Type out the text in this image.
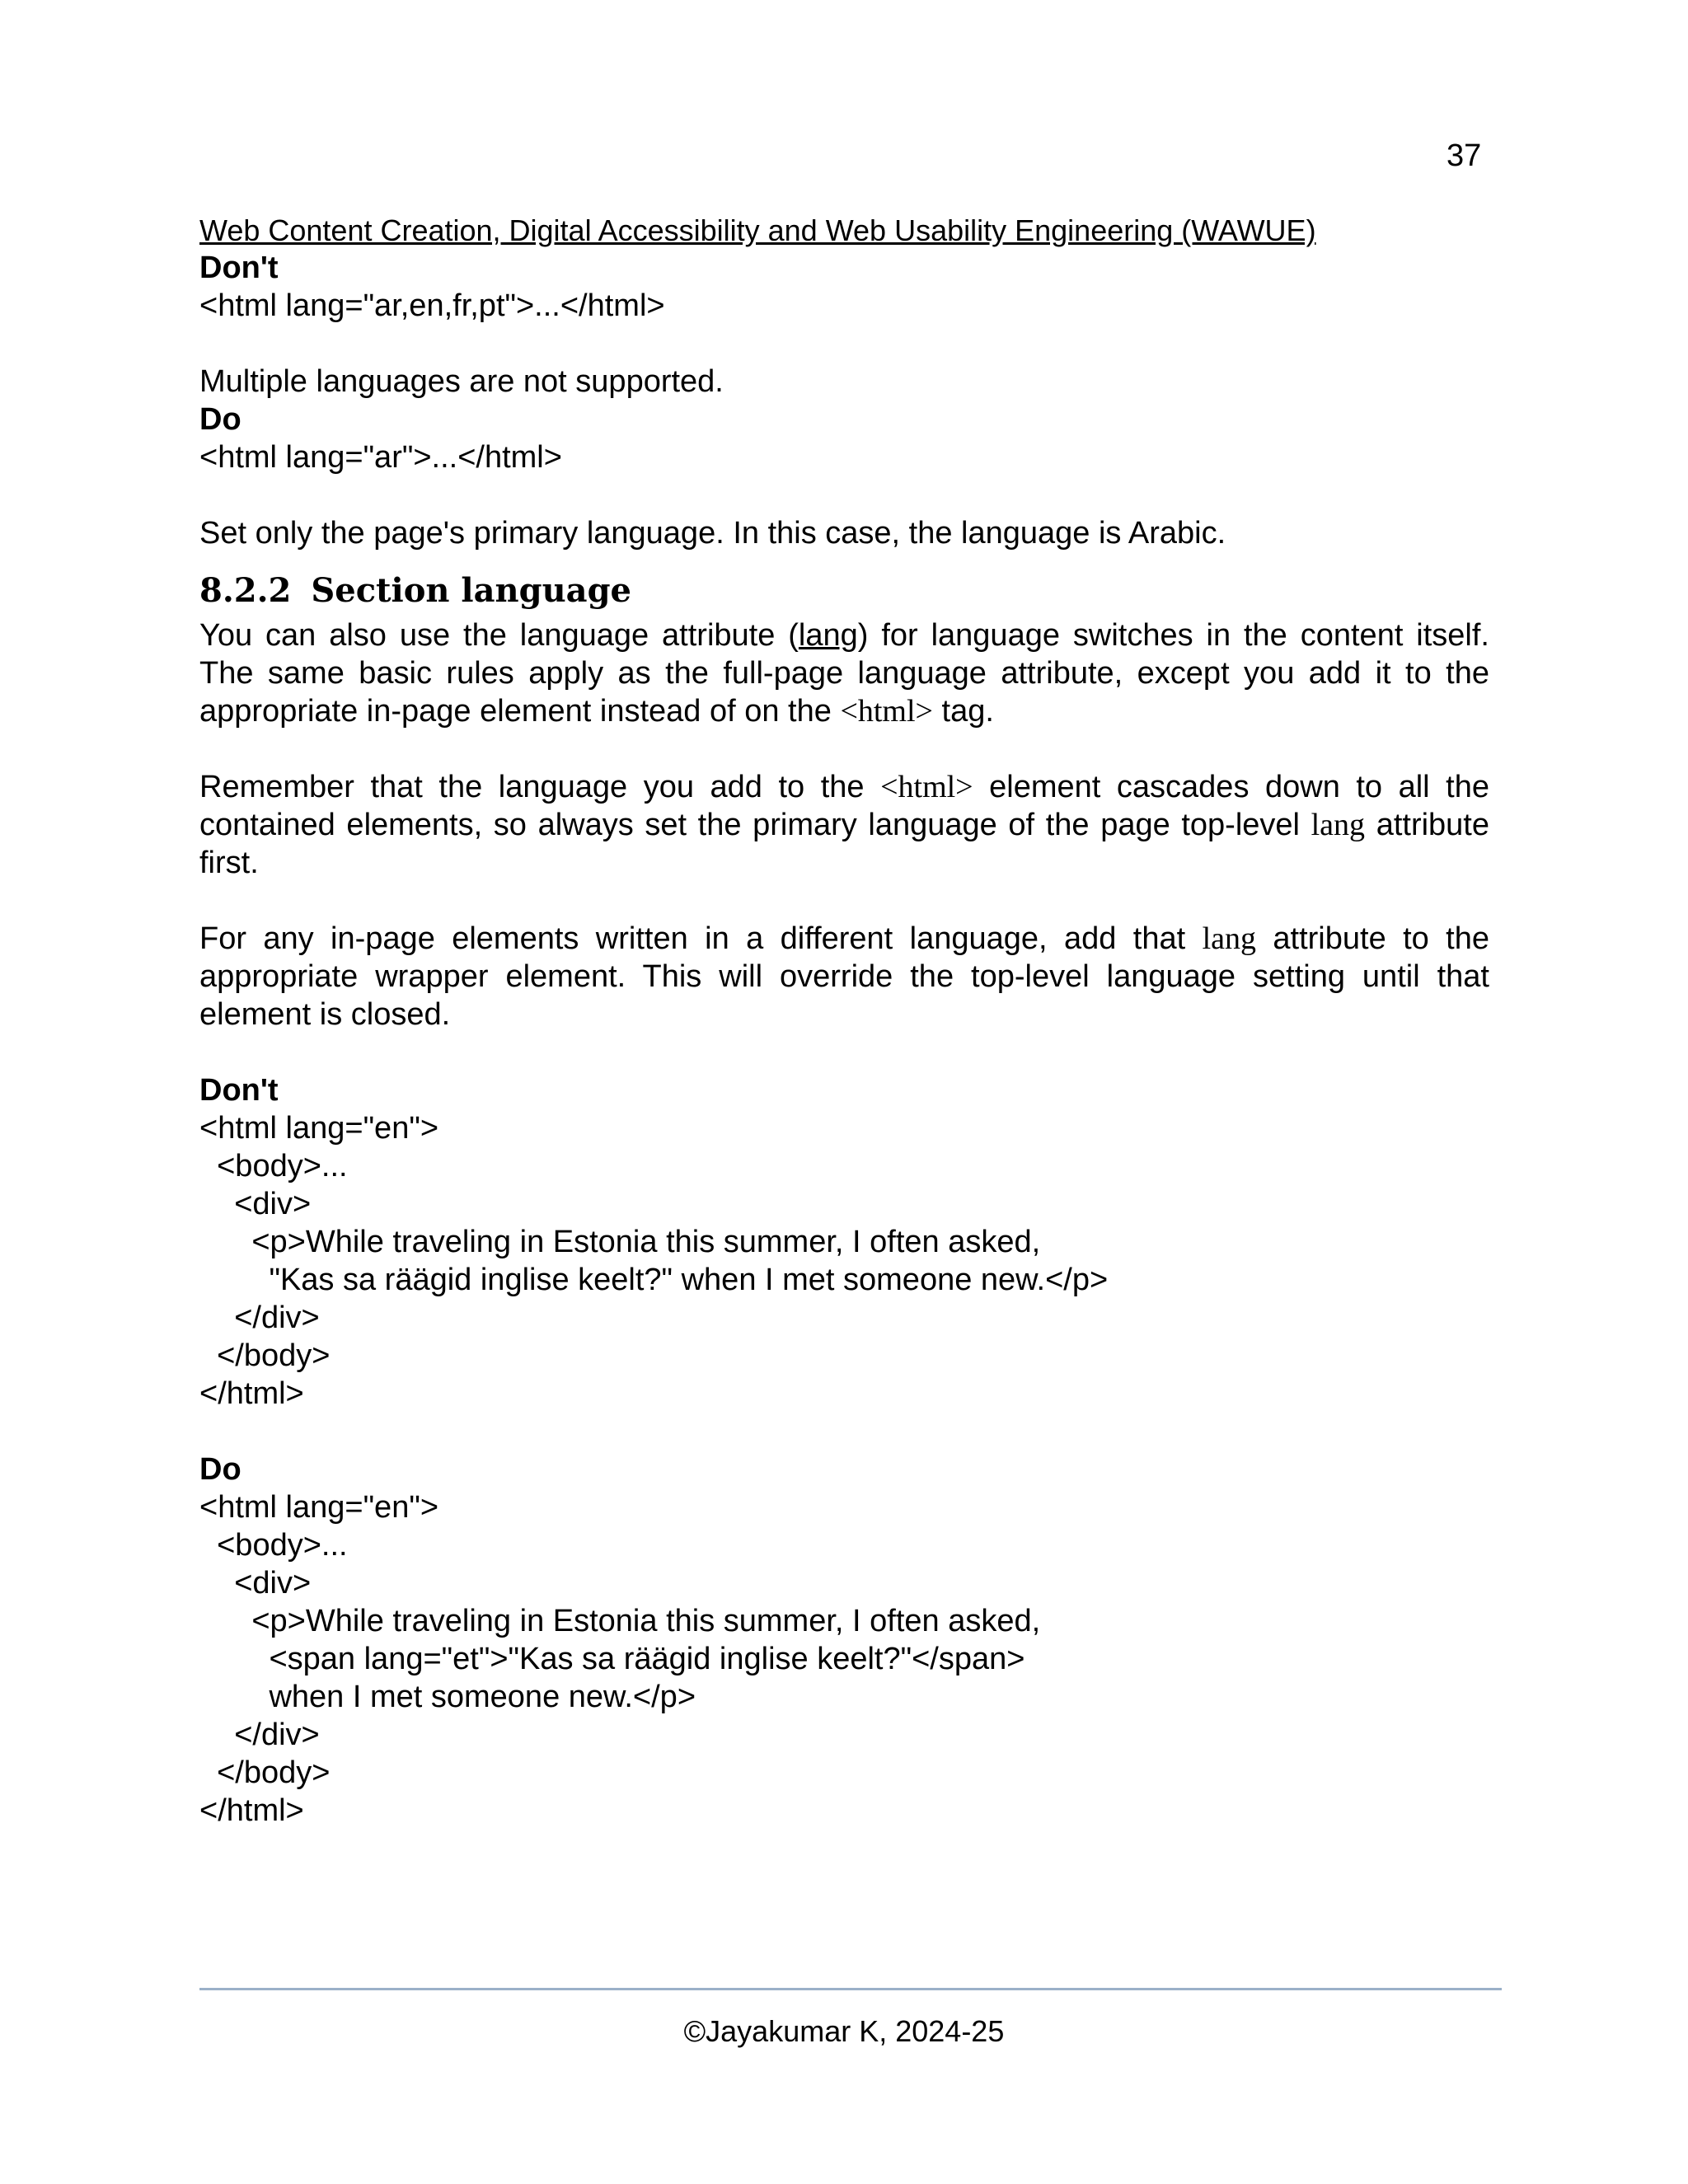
37
Web Content Creation, Digital Accessibility and Web Usability Engineering (WAWUE)
Don't
<html lang="ar,en,fr,pt">...</html>
Multiple languages are not supported.
Do
<html lang="ar">...</html>
Set only the page's primary language. In this case, the language is Arabic.
8.2.2 Section language
You can also use the language attribute (lang) for language switches in the content itself. The same basic rules apply as the full-page language attribute, except you add it to the appropriate in-page element instead of on the <html> tag.
Remember that the language you add to the <html> element cascades down to all the contained elements, so always set the primary language of the page top-level lang attribute first.
For any in-page elements written in a different language, add that lang attribute to the appropriate wrapper element. This will override the top-level language setting until that element is closed.
Don't
<html lang="en">
<body>...
<div>
<p>While traveling in Estonia this summer, I often asked,
"Kas sa räägid inglise keelt?" when I met someone new.</p>
</div>
</body>
</html>
Do
<html lang="en">
<body>...
<div>
<p>While traveling in Estonia this summer, I often asked,
<span lang="et">"Kas sa räägid inglise keelt?"</span>
when I met someone new.</p>
</div>
</body>
</html>
©Jayakumar K, 2024-25
